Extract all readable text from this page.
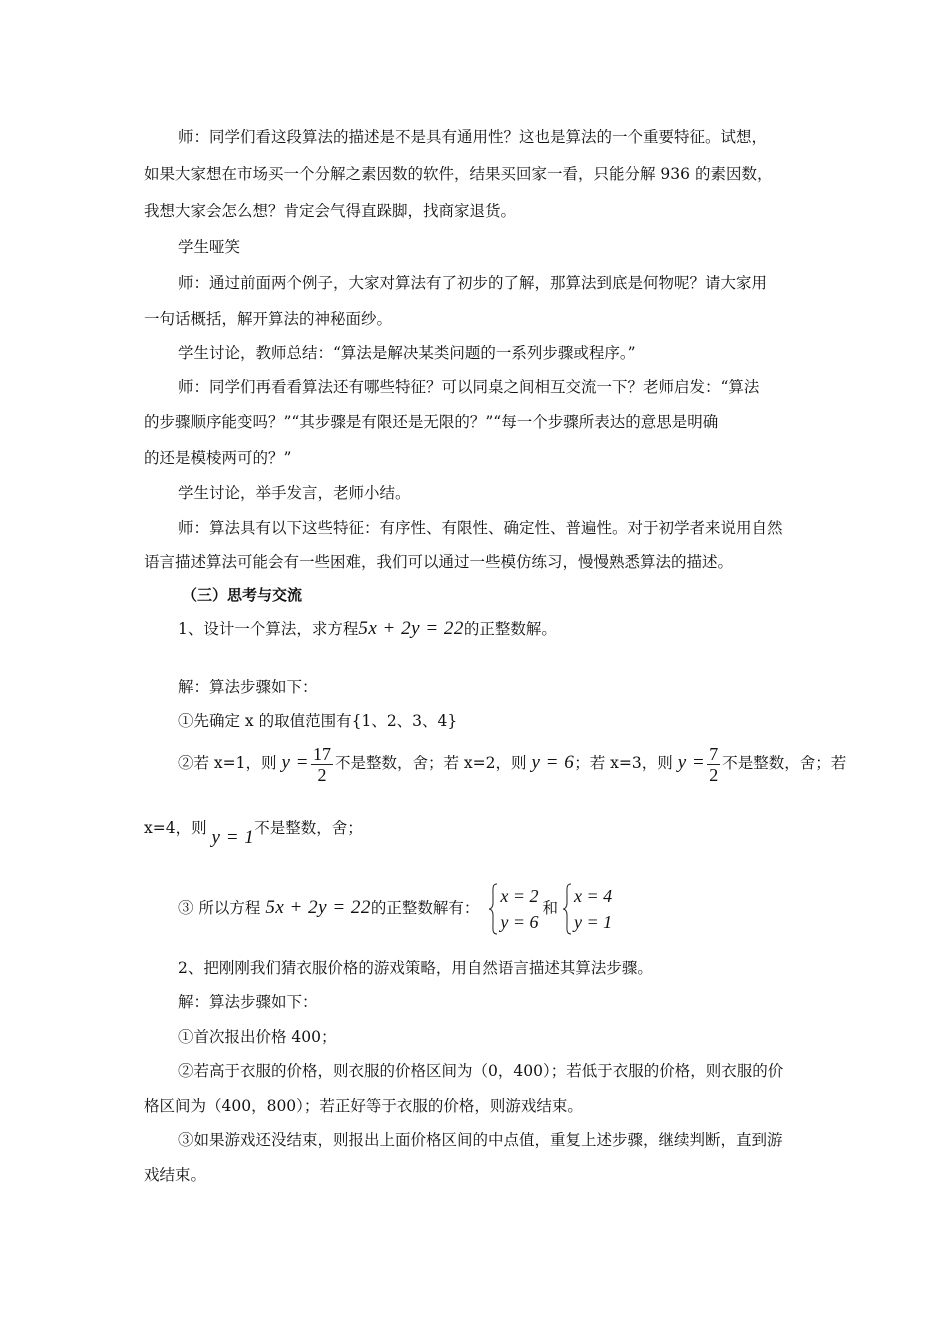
师：同学们看这段算法的描述是不是具有通用性？这也是算法的一个重要特征。试想，
如果大家想在市场买一个分解之素因数的软件，结果买回家一看，只能分解 936 的素因数，
我想大家会怎么想？肯定会气得直跺脚，找商家退货。
学生哑笑
师：通过前面两个例子，大家对算法有了初步的了解，那算法到底是何物呢？请大家用
一句话概括，解开算法的神秘面纱。
学生讨论，教师总结：“算法是解决某类问题的一系列步骤或程序。”
师：同学们再看看算法还有哪些特征？可以同桌之间相互交流一下？老师启发：“算法
的步骤顺序能变吗？”“其步骤是有限还是无限的？”“每一个步骤所表达的意思是明确
的还是模棱两可的？”
学生讨论，举手发言，老师小结。
师：算法具有以下这些特征：有序性、有限性、确定性、普遍性。对于初学者来说用自然
语言描述算法可能会有一些困难，我们可以通过一些模仿练习，慢慢熟悉算法的描述。
（三）思考与交流
1、设计一个算法，求方程5x + 2y = 22的正整数解。
解：算法步骤如下：
①先确定 x 的取值范围有{1、2、3、4}
②若 x=1，则 $y = \frac{17}{2}$ 不是整数，舍；若 x=2，则 y = 6；若 x=3，则 $y = \frac{7}{2}$ 不是整数，舍；若
x=4，则 y = 1不是整数，舍；
③ 所以方程 5x + 2y = 22的正整数解有：
x = 2
y = 6
和
x = 4
y = 1
2、把刚刚我们猜衣服价格的游戏策略，用自然语言描述其算法步骤。
解：算法步骤如下：
①首次报出价格 400；
②若高于衣服的价格，则衣服的价格区间为（0，400）；若低于衣服的价格，则衣服的价
格区间为（400，800）；若正好等于衣服的价格，则游戏结束。
③如果游戏还没结束，则报出上面价格区间的中点值，重复上述步骤，继续判断，直到游
戏结束。
